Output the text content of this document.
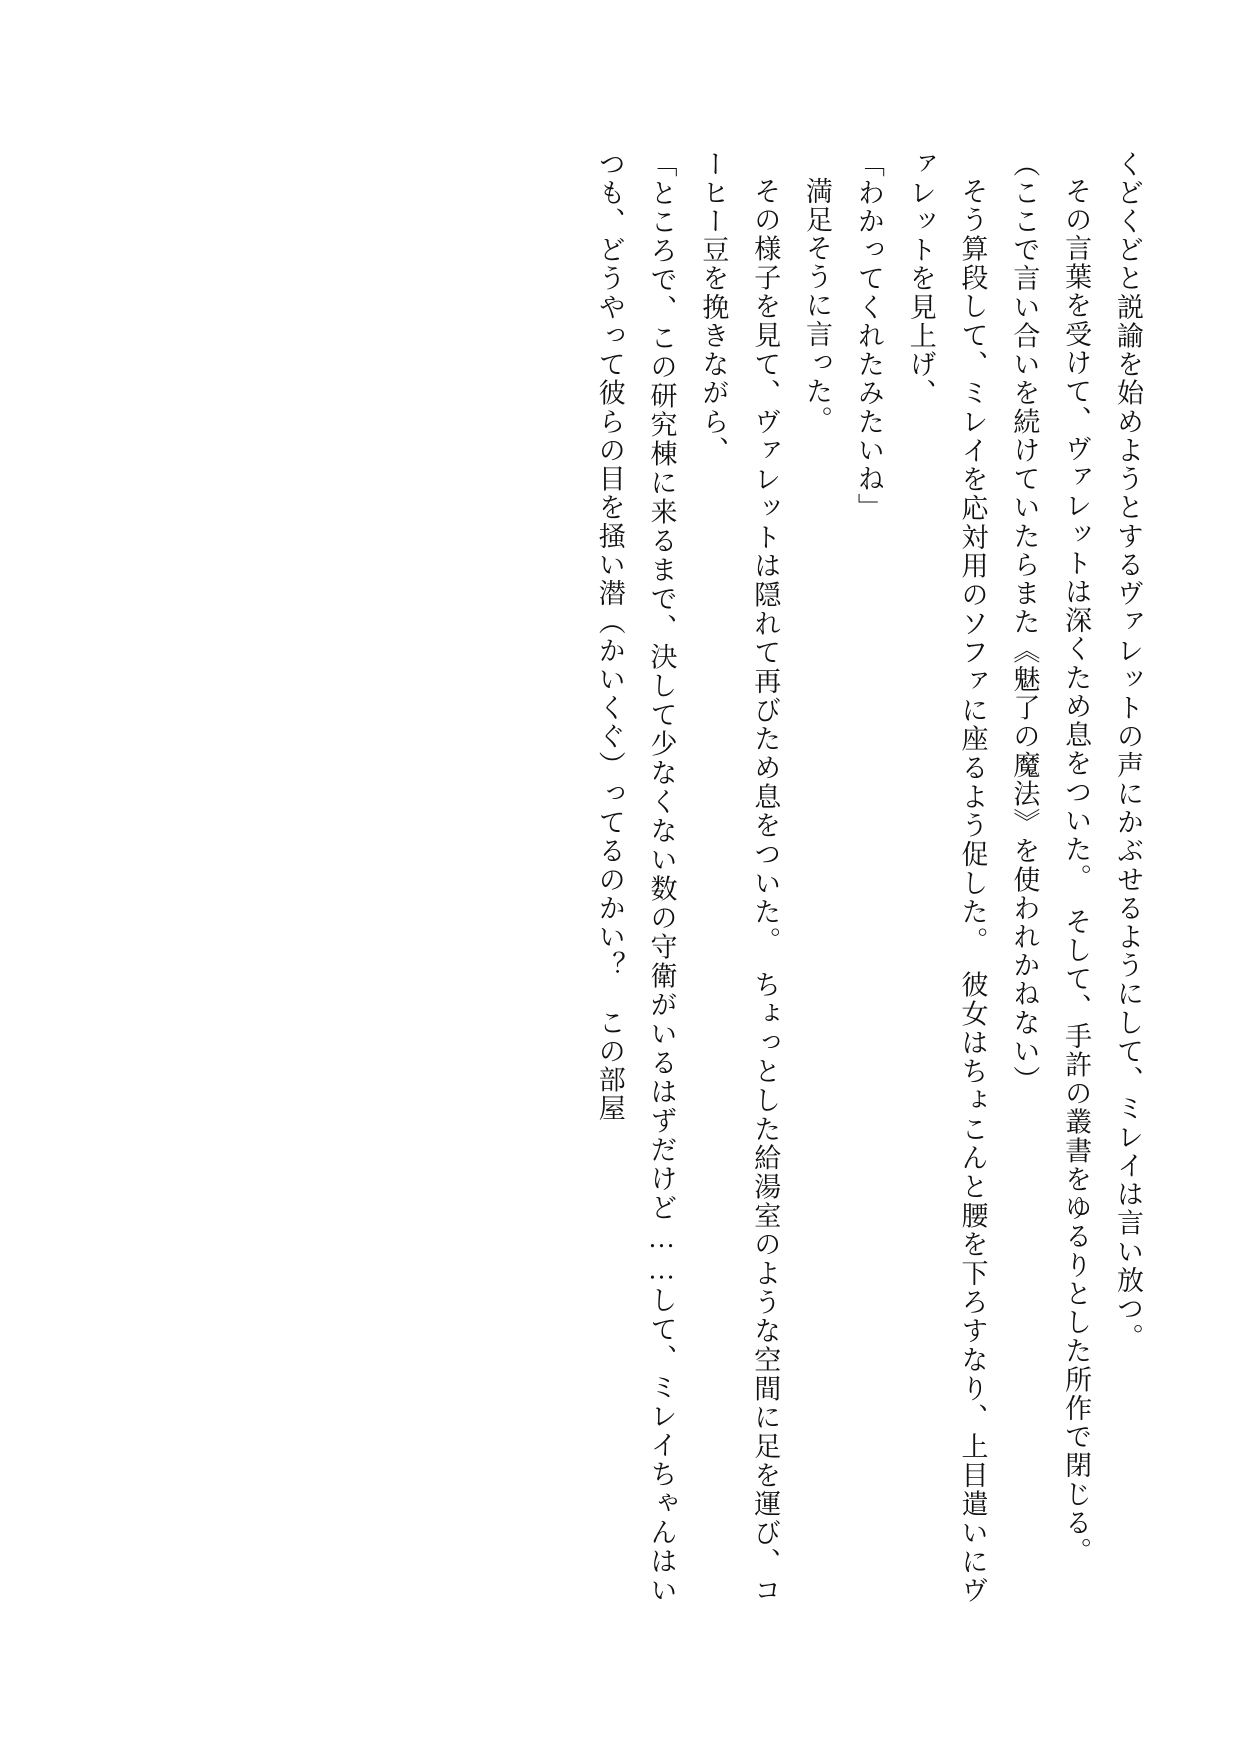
くどくどと説諭を始めようとするヴァレットの声にかぶせるようにして、ミレイは言い放つ。

その言葉を受けて、ヴァレットは深くため息をついた。　そして、手許の叢書をゆるりとした所作で閉じる。

（ここで言い合いを続けていたらまた《魅了の魔法》を使われかねない）

そう算段して、ミレイを応対用のソファに座るよう促した。　彼女はちょこんと腰を下ろすなり、上目遣いにヴァレットを見上げ、

「わかってくれたみたいね」

満足そうに言った。

その様子を見て、ヴァレットは隠れて再びため息をついた。　ちょっとした給湯室のような空間に足を運び、コーヒー豆を挽きながら、

「ところで、この研究棟に来るまで、決して少なくない数の守衛がいるはずだけど……して、ミレイちゃんはいつも、どうやって彼らの目を掻い潜（かいくぐ）ってるのかい？　この部屋
